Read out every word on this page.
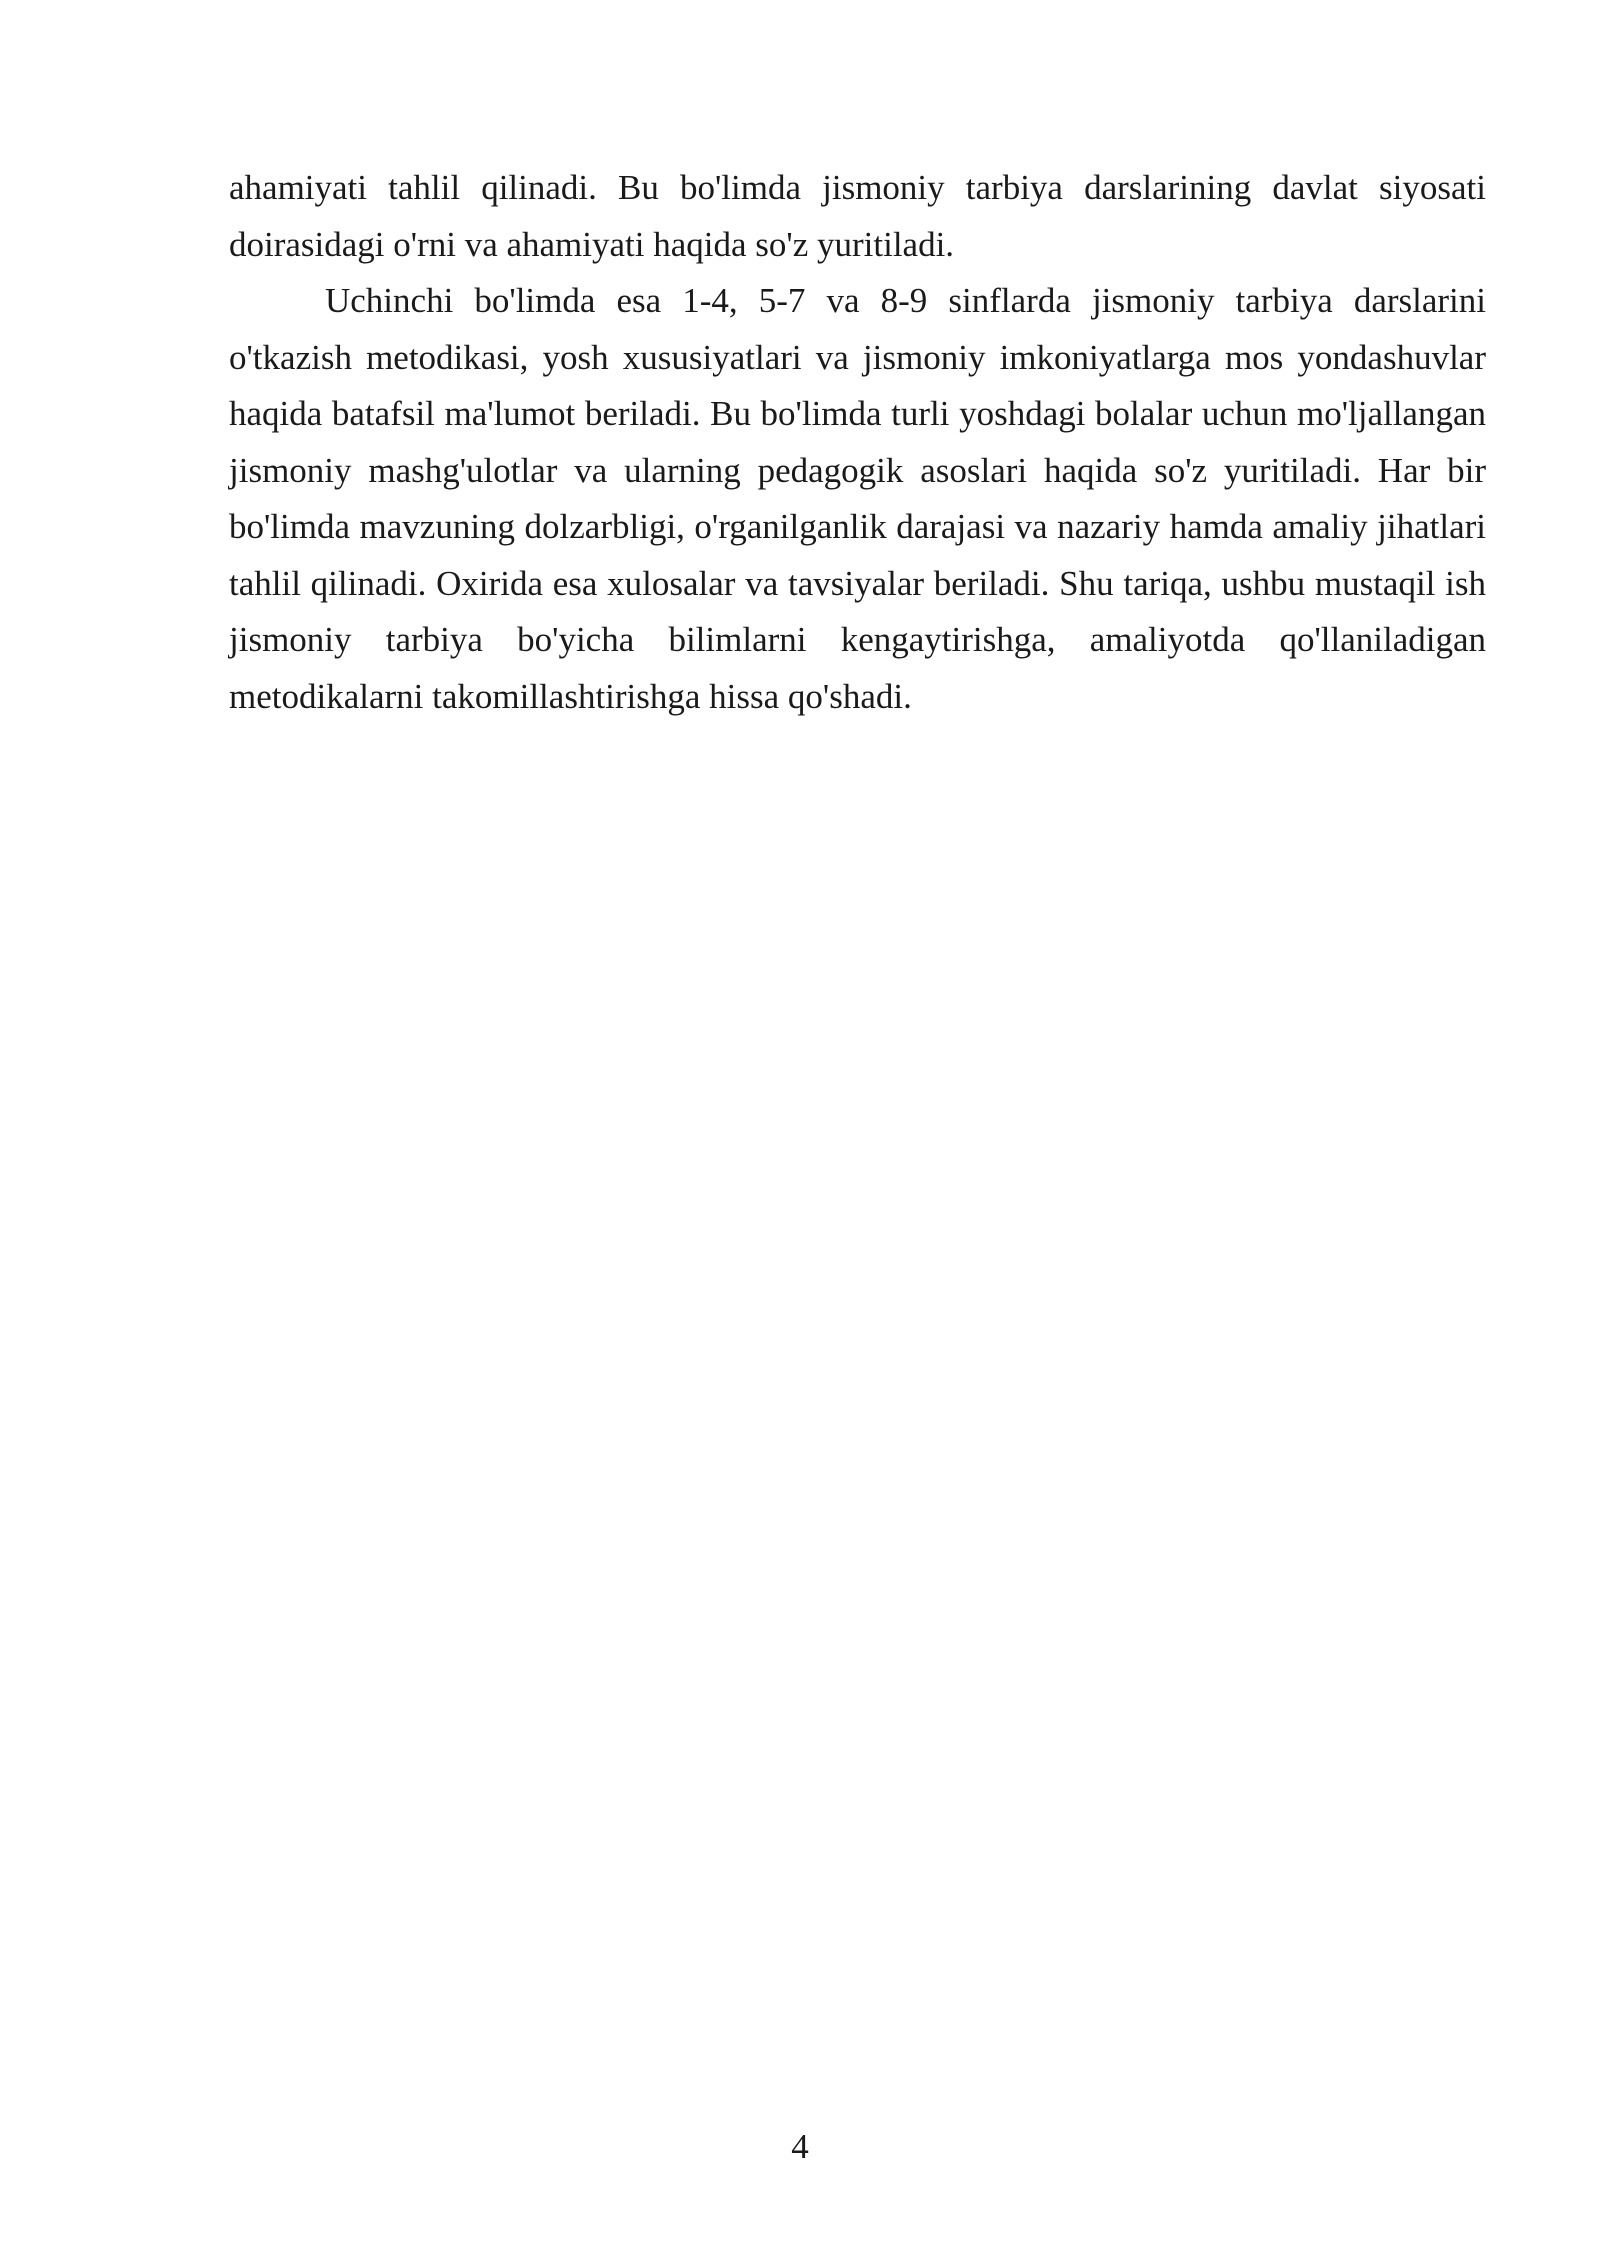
ahamiyati tahlil qilinadi. Bu bo'limda jismoniy tarbiya darslarining davlat siyosati doirasidagi o'rni va ahamiyati haqida so'z yuritiladi.

Uchinchi bo'limda esa 1-4, 5-7 va 8-9 sinflarda jismoniy tarbiya darslarini o'tkazish metodikasi, yosh xususiyatlari va jismoniy imkoniyatlarga mos yondashuvlar haqida batafsil ma'lumot beriladi. Bu bo'limda turli yoshdagi bolalar uchun mo'ljallangan jismoniy mashg'ulotlar va ularning pedagogik asoslari haqida so'z yuritiladi. Har bir bo'limda mavzuning dolzarbligi, o'rganilganlik darajasi va nazariy hamda amaliy jihatlari tahlil qilinadi. Oxirida esa xulosalar va tavsiyalar beriladi. Shu tariqa, ushbu mustaqil ish jismoniy tarbiya bo'yicha bilimlarni kengaytirishga, amaliyotda qo'llaniladigan metodikalarni takomillashtirishga hissa qo'shadi.

4
